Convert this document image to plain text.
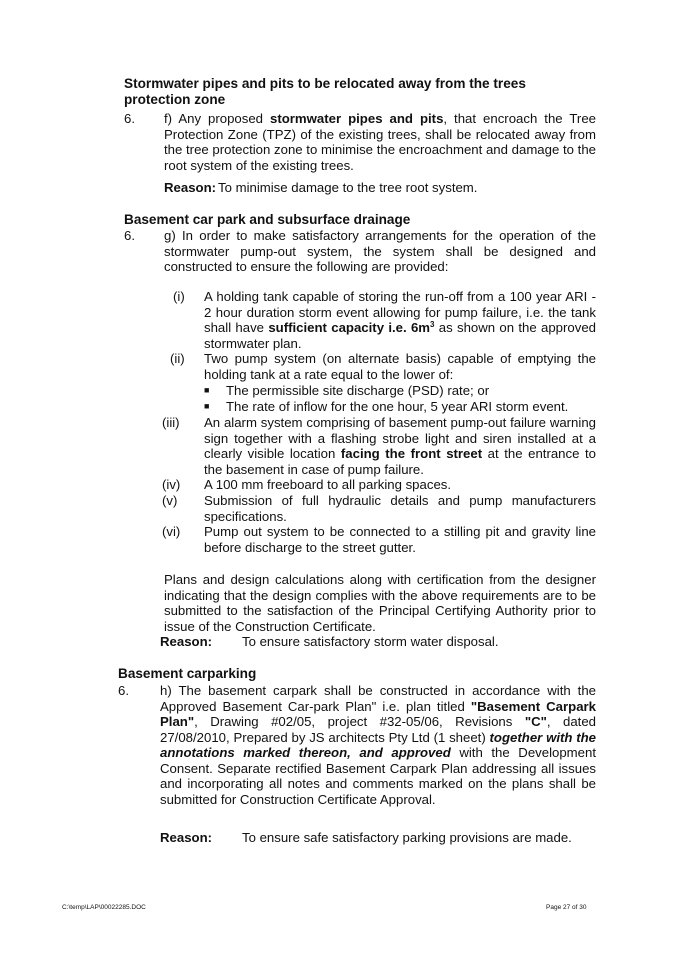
Stormwater pipes and pits to be relocated away from the trees protection zone
6. f) Any proposed stormwater pipes and pits, that encroach the Tree Protection Zone (TPZ) of the existing trees, shall be relocated away from the tree protection zone to minimise the encroachment and damage to the root system of the existing trees.
Reason: To minimise damage to the tree root system.
Basement car park and subsurface drainage
6. g) In order to make satisfactory arrangements for the operation of the stormwater pump-out system, the system shall be designed and constructed to ensure the following are provided:
(i)	A holding tank capable of storing the run-off from a 100 year ARI - 2 hour duration storm event allowing for pump failure, i.e. the tank shall have sufficient capacity i.e. $6m^3$ as shown on the approved stormwater plan.
(ii)	Two pump system (on alternate basis) capable of emptying the holding tank at a rate equal to the lower of:
■ The permissible site discharge (PSD) rate; or
■ The rate of inflow for the one hour, 5 year ARI storm event.
(iii)	An alarm system comprising of basement pump-out failure warning sign together with a flashing strobe light and siren installed at a clearly visible location facing the front street at the entrance to the basement in case of pump failure.
(iv)	A 100 mm freeboard to all parking spaces.
(v)	Submission of full hydraulic details and pump manufacturers specifications.
(vi)	Pump out system to be connected to a stilling pit and gravity line before discharge to the street gutter.
Plans and design calculations along with certification from the designer indicating that the design complies with the above requirements are to be submitted to the satisfaction of the Principal Certifying Authority prior to issue of the Construction Certificate.
Reason: To ensure satisfactory storm water disposal.
Basement carparking
6. h) The basement carpark shall be constructed in accordance with the Approved Basement Car-park Plan" i.e. plan titled "Basement Carpark Plan", Drawing #02/05, project #32-05/06, Revisions "C", dated 27/08/2010, Prepared by JS architects Pty Ltd (1 sheet) together with the annotations marked thereon, and approved with the Development Consent. Separate rectified Basement Carpark Plan addressing all issues and incorporating all notes and comments marked on the plans shall be submitted for Construction Certificate Approval.
Reason: To ensure safe satisfactory parking provisions are made.
C:\temp\LAP\00022285.DOC	Page 27 of 30
